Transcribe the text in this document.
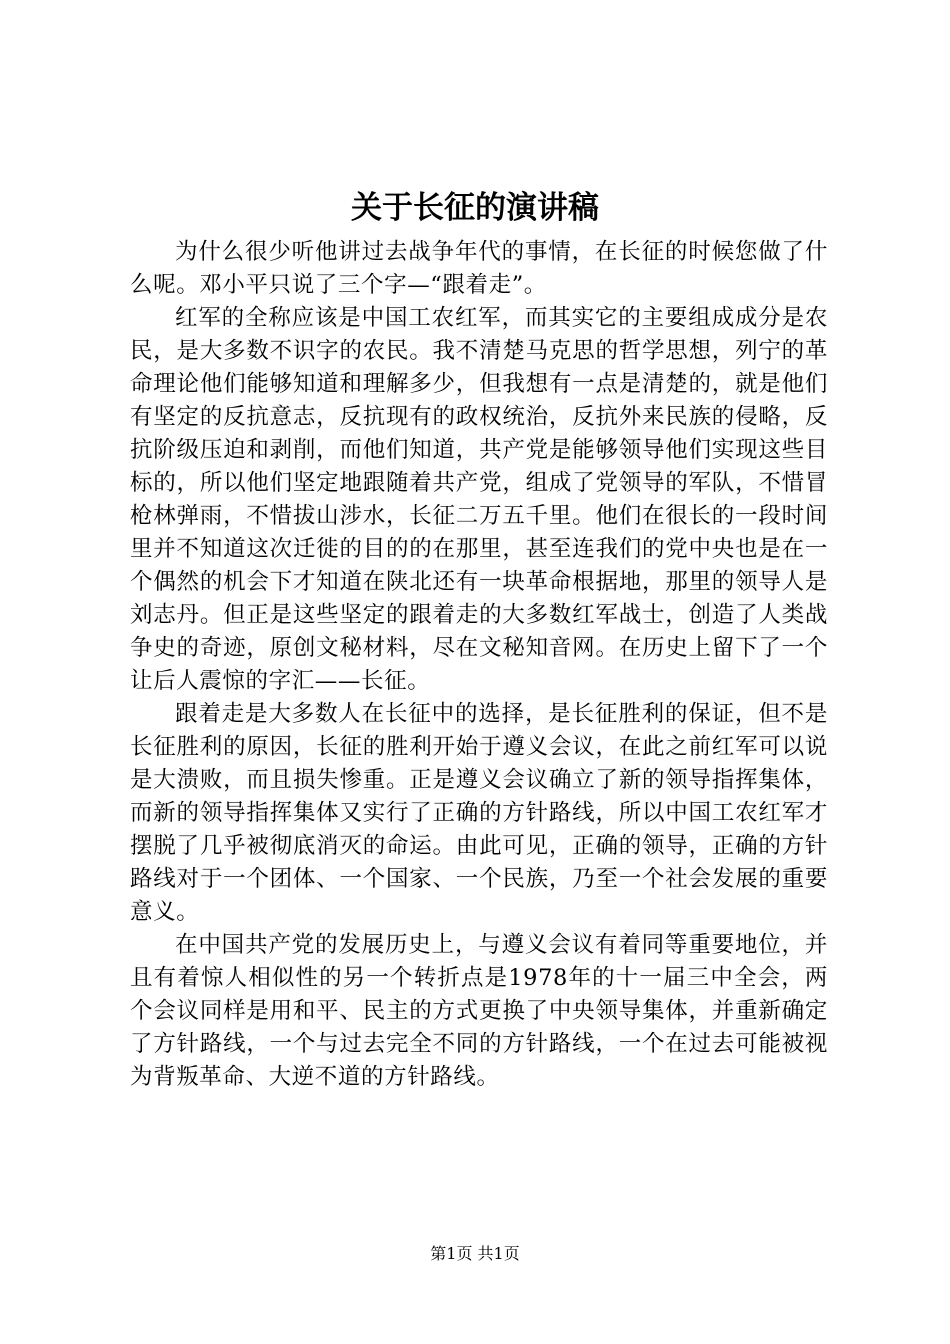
关于长征的演讲稿

为什么很少听他讲过去战争年代的事情，在长征的时候您做了什么呢。邓小平只说了三个字—“跟着走”。

红军的全称应该是中国工农红军，而其实它的主要组成成分是农民，是大多数不识字的农民。我不清楚马克思的哲学思想，列宁的革命理论他们能够知道和理解多少，但我想有一点是清楚的，就是他们有坚定的反抗意志，反抗现有的政权统治，反抗外来民族的侵略，反抗阶级压迫和剥削，而他们知道，共产党是能够领导他们实现这些目标的，所以他们坚定地跟随着共产党，组成了党领导的军队，不惜冒枪林弹雨，不惜拔山涉水，长征二万五千里。他们在很长的一段时间里并不知道这次迁徙的目的的在那里，甚至连我们的党中央也是在一个偶然的机会下才知道在陕北还有一块革命根据地，那里的领导人是刘志丹。但正是这些坚定的跟着走的大多数红军战士，创造了人类战争史的奇迹，原创文秘材料，尽在文秘知音网。在历史上留下了一个让后人震惊的字汇——长征。

跟着走是大多数人在长征中的选择，是长征胜利的保证，但不是长征胜利的原因，长征的胜利开始于遵义会议，在此之前红军可以说是大溃败，而且损失惨重。正是遵义会议确立了新的领导指挥集体，而新的领导指挥集体又实行了正确的方针路线，所以中国工农红军才摆脱了几乎被彻底消灭的命运。由此可见，正确的领导，正确的方针路线对于一个团体、一个国家、一个民族，乃至一个社会发展的重要意义。

在中国共产党的发展历史上，与遵义会议有着同等重要地位，并且有着惊人相似性的另一个转折点是1978年的十一届三中全会，两个会议同样是用和平、民主的方式更换了中央领导集体，并重新确定了方针路线，一个与过去完全不同的方针路线，一个在过去可能被视为背叛革命、大逆不道的方针路线。

第1页 共1页
